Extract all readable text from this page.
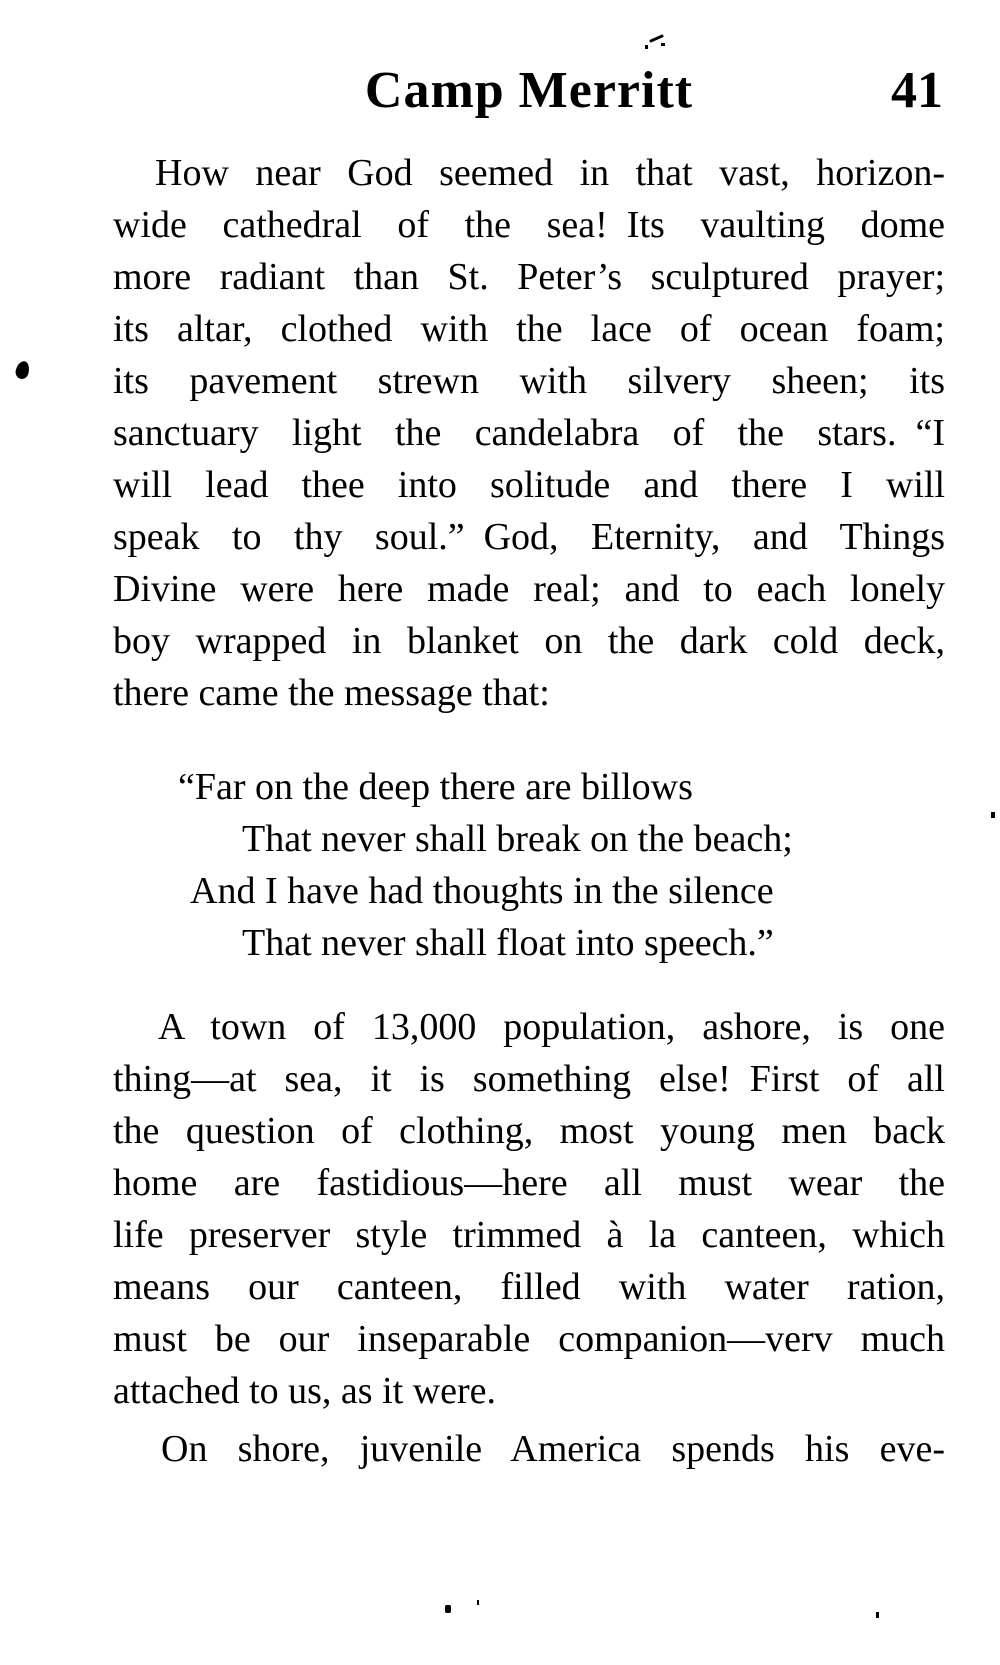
Camp Merritt	41
How near God seemed in that vast, horizon-
wide cathedral of the sea! Its vaulting dome
more radiant than St. Peter’s sculptured prayer;
its altar, clothed with the lace of ocean foam;
its pavement strewn with silvery sheen; its
sanctuary light the candelabra of the stars. “I
will lead thee into solitude and there I will
speak to thy soul.” God, Eternity, and Things
Divine were here made real; and to each lonely
boy wrapped in blanket on the dark cold deck,
there came the message that:
“Far on the deep there are billows
That never shall break on the beach;
And I have had thoughts in the silence
That never shall float into speech.”
A town of 13,000 population, ashore, is one
thing—at sea, it is something else! First of all
the question of clothing, most young men back
home are fastidious—here all must wear the
life preserver style trimmed à la canteen, which
means our canteen, filled with water ration,
must be our inseparable companion—verv much
attached to us, as it were.
On shore, juvenile America spends his eve-
